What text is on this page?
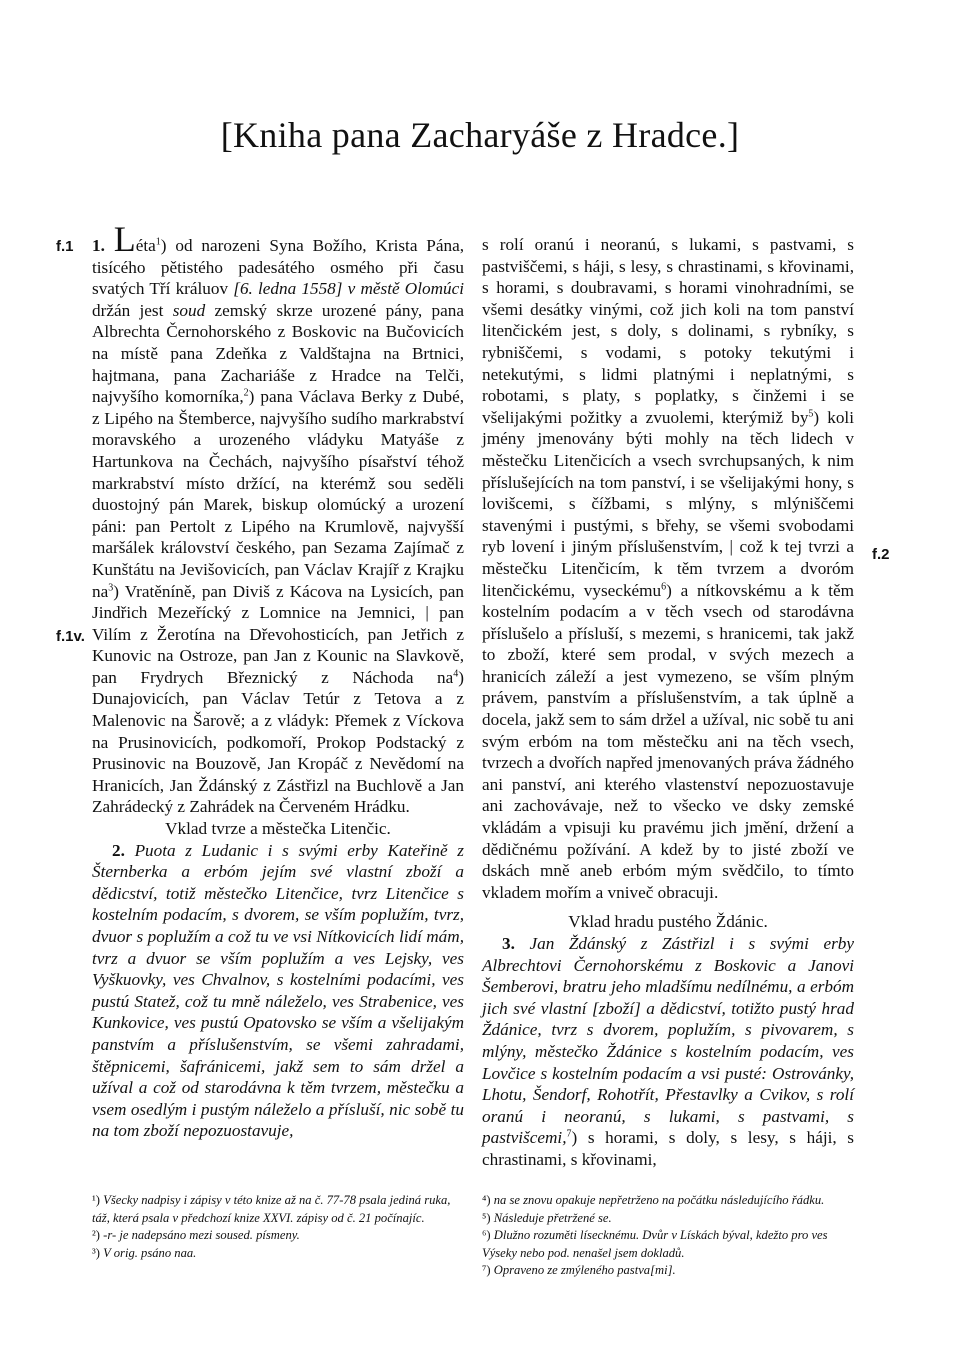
[Kniha pana Zacharyáše z Hradce.]
f.1
f.1v.
f.2

1. Léta$^1$) od narozeni Syna Božího, Krista Pána, tisícého pětistého padesátého osmého při času svatých Tří králuov [6. ledna 1558] v městě Olomúci držán jest soud zemský skrze urozené pány, pana Albrechta Černohorského z Boskovic na Bučovicích na místě pana Zdeňka z Valdštajna na Brtnici, hajtmana, pana Zachariáše z Hradce na Telči, najvyšího komorníka,$^2$) pana Václava Berky z Dubé, z Lipého na Štemberce, najvyšího sudího markrabství moravského a urozeného vládyku Matyáše z Hartunkova na Čechách, najvyšího písařství téhož markrabství místo držící, na kterémž sou seděli duostojný pán Marek, biskup olomúcký a urození páni: pan Pertolt z Lipého na Krumlově, najvyšší maršálek království českého, pan Sezama Zajímač z Kunštátu na Jevišovicích, pan Václav Krajíř z Krajku $na^3$) Vratěníně, pan Diviš z Kácova na Lysicích, pan Jindřich Mezeřícký z Lomnice na Jemnici, | pan Vilím z Žerotína na Dřevohosticích, pan Jetřich z Kunovic na Ostroze, pan Jan z Kounic na Slavkově, pan Frydrych Březnický z Náchoda $na^4$) Dunajovicích, pan Václav Tetúr z Tetova a z Malenovic na Šarově; a z vládyk: Přemek z Víckova na Prusinovicích, podkomoří, Prokop Podstacký z Prusinovic na Bouzově, Jan Kropáč z Nevědomí na Hranicích, Jan Ždánský z Zástřizl na Buchlově a Jan Zahrádecký z Zahrádek na Červeném Hrádku.

Vklad tvrze a městečka Litenčic.

2. Puota z Ludanic i s svými erby Kateřině z Šternberka a erbóm jejím své vlastní zboží a dědicství, totiž městečko Litenčice, tvrz Litenčice s kostelním podacím, s dvorem, se vším poplužím, tvrz, dvuor s poplužím a což tu ve vsi Nítkovicích lidí mám, tvrz a dvuor se vším poplužím a ves Lejsky, ves Vyškuovky, ves Chvalnov, s kostelními podacími, ves pustú Statež, což tu mně náleželo, ves Strabenice, ves Kunkovice, ves pustú Opatovsko se vším a všelijakým panstvím a příslušenstvím, se všemi zahradami, štěpnicemi, šafránicemi, jakž sem to sám držel a užíval a což od starodávna k těm tvrzem, městečku a vsem osedlým i pustým náleželo a přísluší, nic sobě tu na tom zboží nepozuostavuje,

s rolí oranú i neoranú, s lukami, s pastvami, s pastviščemi, s háji, s lesy, s chrastinami, s křovinami, s horami, s doubravami, s horami vinohradními, se všemi desátky vinými, což jich koli na tom panství litenčickém jest, s doly, s dolinami, s rybníky, s rybniščemi, s vodami, s potoky tekutými i netekutými, s lidmi platnými i neplatnými, s robotami, s platy, s poplatky, s činžemi i se všelijakými požitky a zvuolemi, kterýmiž $by^5$) koli jmény jmenovány býti mohly na těch lidech v městečku Litenčicích a vsech svrchupsaných, k nim příslušejících na tom panství, i se všelijakými hony, s lovišcemi, s čížbami, s mlýny, s mlýniščemi stavenými i pustými, s břehy, se všemi svobodami ryb lovení i jiným příslušenstvím, | což k tej tvrzi a městečku Litenčicím, k těm tvrzem a dvoróm litenčickému, vyseckému$^6$) a nítkovskému a k těm kostelním podacím a v těch vsech od starodávna příslušelo a přísluší, s mezemi, s hranicemi, tak jakž to zboží, které sem prodal, v svých mezech a hranicích záleží a jest vymezeno, se vším plným právem, panstvím a příslušenstvím, a tak úplně a docela, jakž sem to sám držel a užíval, nic sobě tu ani svým erbóm na tom městečku ani na těch vsech, tvrzech a dvořích napřed jmenovaných práva žádného ani panství, ani kterého vlastenství nepozuostavuje ani zachovávaje, než to všecko ve dsky zemské vkládám a vpisuji ku pravému jich jmění, držení a dědičnému požívání. A kdež by to jisté zboží ve dskách mně aneb erbóm mým svědčilo, to tímto vkladem mořím a vniveč obracuji.

Vklad hradu pustého Ždánic.

3. Jan Ždánský z Zástřizl i s svými erby Albrechtovi Černohorskému z Boskovic a Janovi Šemberovi, bratru jeho mladšímu nedílnému, a erbóm jich své vlastní [zboží] a dědicství, totižto pustý hrad Ždánice, tvrz s dvorem, poplužím, s pivovarem, s mlýny, městečko Ždánice s kostelním podacím, ves Lovčice s kostelním podacím a vsi pusté: Ostrovánky, Lhotu, Šendorf, Rohotřít, Přestavlky a Cvikov, s rolí oranú i neoranú, s lukami, s pastvami, s pastvišcemi,$^7$) s horami, s doly, s lesy, s háji, s chrastinami, s křovinami,

¹) Všecky nadpisy i zápisy v této knize až na č. 77-78 psala jediná ruka, táž, která psala v předchozí knize XXVI. zápisy od č. 21 počínajíc.

²) -r- je nadepsáno mezi soused. písmeny.

³) V orig. psáno naa.

⁴) na se znovu opakuje nepřetrženo na počátku následujícího řádku.

⁵) Následuje přetržené se.

⁶) Dlužno rozuměti lísecknému. Dvůr v Lískách býval, kdežto pro ves Výseky nebo pod. nenašel jsem dokladů.

⁷) Opraveno ze zmýleného pastva[mi].
